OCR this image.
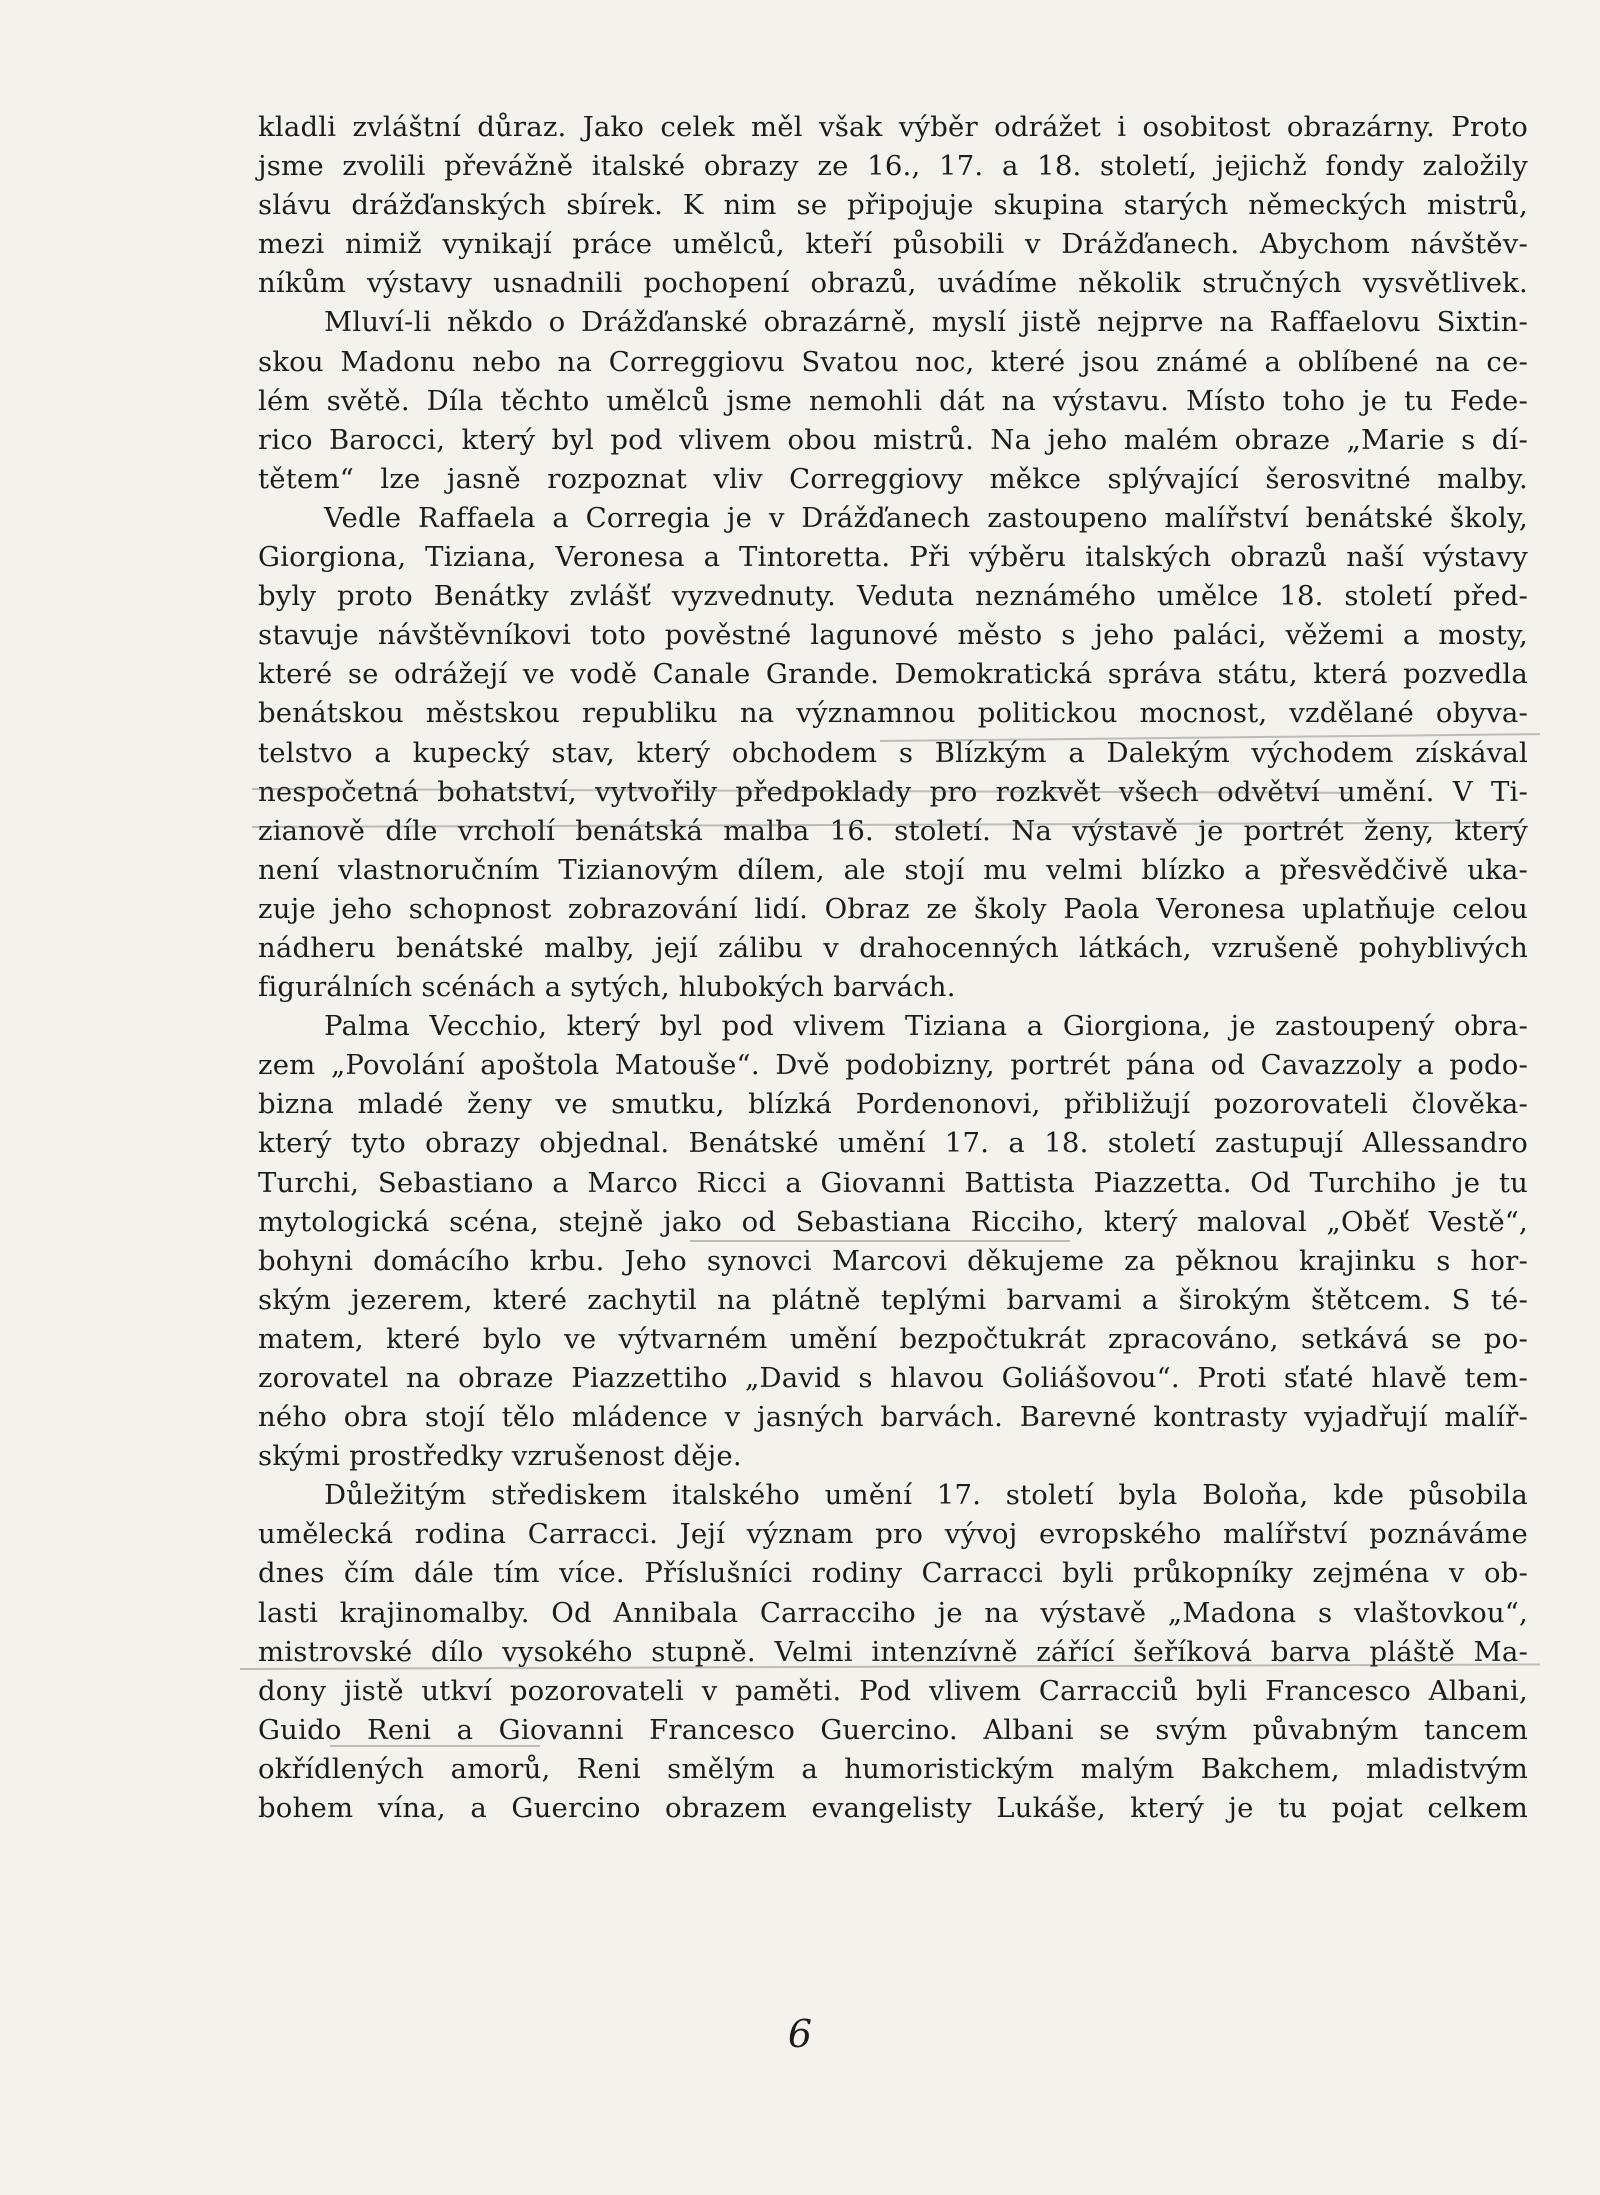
kladli zvláštní důraz. Jako celek měl však výběr odrážet i osobitost obrazárny. Proto
jsme zvolili převážně italské obrazy ze 16., 17. a 18. století, jejichž fondy založily
slávu drážďanských sbírek. K nim se připojuje skupina starých německých mistrů,
mezi nimiž vynikají práce umělců, kteří působili v Drážďanech. Abychom návštěv-
níkům výstavy usnadnili pochopení obrazů, uvádíme několik stručných vysvětlivek.
Mluví-li někdo o Drážďanské obrazárně, myslí jistě nejprve na Raffaelovu Sixtin-
skou Madonu nebo na Correggiovu Svatou noc, které jsou známé a oblíbené na ce-
lém světě. Díla těchto umělců jsme nemohli dát na výstavu. Místo toho je tu Fede-
rico Barocci, který byl pod vlivem obou mistrů. Na jeho malém obraze „Marie s dí-
tětem“ lze jasně rozpoznat vliv Correggiovy měkce splývající šerosvitné malby.
Vedle Raffaela a Corregia je v Drážďanech zastoupeno malířství benátské školy,
Giorgiona, Tiziana, Veronesa a Tintoretta. Při výběru italských obrazů naší výstavy
byly proto Benátky zvlášť vyzvednuty. Veduta neznámého umělce 18. století před-
stavuje návštěvníkovi toto pověstné lagunové město s jeho paláci, věžemi a mosty,
které se odrážejí ve vodě Canale Grande. Demokratická správa státu, která pozvedla
benátskou městskou republiku na významnou politickou mocnost, vzdělané obyva-
telstvo a kupecký stav, který obchodem s Blízkým a Dalekým východem získával
nespočetná bohatství, vytvořily předpoklady pro rozkvět všech odvětví umění. V Ti-
zianově díle vrcholí benátská malba 16. století. Na výstavě je portrét ženy, který
není vlastnoručním Tizianovým dílem, ale stojí mu velmi blízko a přesvědčivě uka-
zuje jeho schopnost zobrazování lidí. Obraz ze školy Paola Veronesa uplatňuje celou
nádheru benátské malby, její zálibu v drahocenných látkách, vzrušeně pohyblivých
figurálních scénách a sytých, hlubokých barvách.
Palma Vecchio, který byl pod vlivem Tiziana a Giorgiona, je zastoupený obra-
zem „Povolání apoštola Matouše“. Dvě podobizny, portrét pána od Cavazzoly a podo-
bizna mladé ženy ve smutku, blízká Pordenonovi, přibližují pozorovateli člověka-
který tyto obrazy objednal. Benátské umění 17. a 18. století zastupují Allessandro
Turchi, Sebastiano a Marco Ricci a Giovanni Battista Piazzetta. Od Turchiho je tu
mytologická scéna, stejně jako od Sebastiana Ricciho, který maloval „Oběť Vestě“,
bohyni domácího krbu. Jeho synovci Marcovi děkujeme za pěknou krajinku s hor-
ským jezerem, které zachytil na plátně teplými barvami a širokým štětcem. S té-
matem, které bylo ve výtvarném umění bezpočtukrát zpracováno, setkává se po-
zorovatel na obraze Piazzettiho „David s hlavou Goliášovou“. Proti sťaté hlavě tem-
ného obra stojí tělo mládence v jasných barvách. Barevné kontrasty vyjadřují malíř-
skými prostředky vzrušenost děje.
Důležitým střediskem italského umění 17. století byla Boloňa, kde působila
umělecká rodina Carracci. Její význam pro vývoj evropského malířství poznáváme
dnes čím dále tím více. Příslušníci rodiny Carracci byli průkopníky zejména v ob-
lasti krajinomalby. Od Annibala Carracciho je na výstavě „Madona s vlaštovkou“,
mistrovské dílo vysokého stupně. Velmi intenzívně zářící šeříková barva pláště Ma-
dony jistě utkví pozorovateli v paměti. Pod vlivem Carracciů byli Francesco Albani,
Guido Reni a Giovanni Francesco Guercino. Albani se svým půvabným tancem
okřídlených amorů, Reni smělým a humoristickým malým Bakchem, mladistvým
bohem vína, a Guercino obrazem evangelisty Lukáše, který je tu pojat celkem
6
